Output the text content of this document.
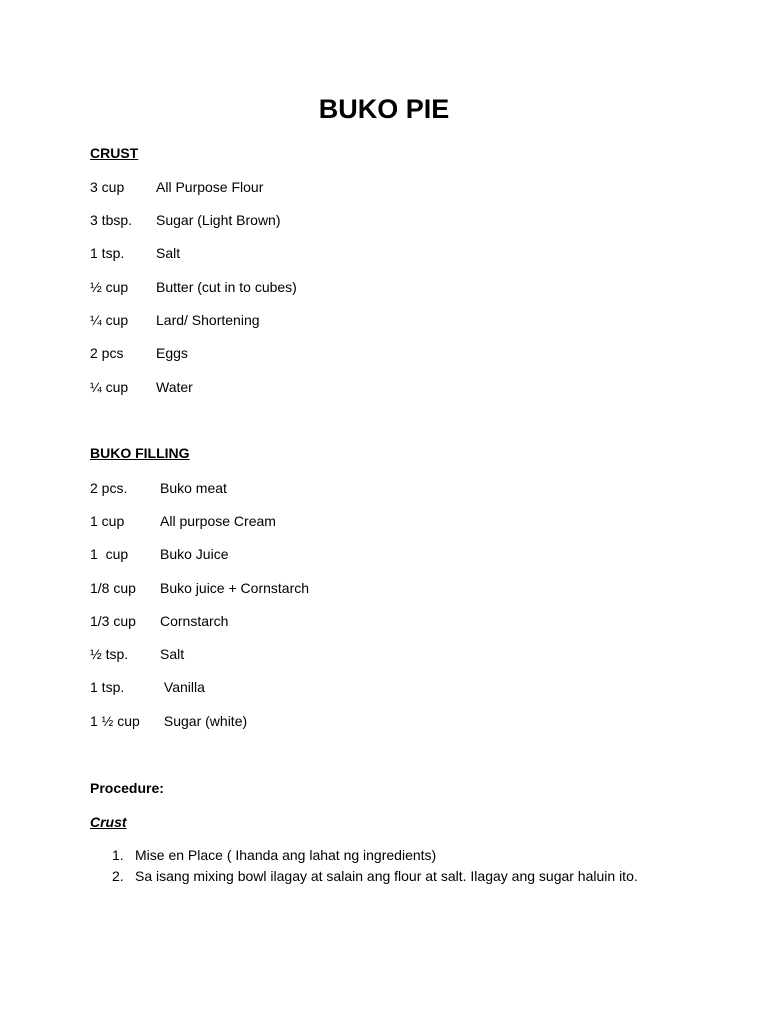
BUKO PIE
CRUST

3 cup

All Purpose Flour

3 tbsp.

Sugar (Light Brown)

1 tsp.

Salt

½ cup

Butter (cut in to cubes)

¼ cup

Lard/ Shortening

2 pcs

Eggs

¼ cup

Water

BUKO FILLING

2 pcs.

Buko meat

1 cup

	All purpose Cream

1  cup

Buko Juice

1/8 cup

Buko juice + Cornstarch

1/3 cup

Cornstarch

½ tsp.

Salt

1 tsp.

	Vanilla

1 ½ cup

Sugar (white)

Procedure:
Crust
1. Mise en Place ( Ihanda ang lahat ng ingredients)
2. Sa isang mixing bowl ilagay at salain ang flour at salt. Ilagay ang sugar haluin ito.
